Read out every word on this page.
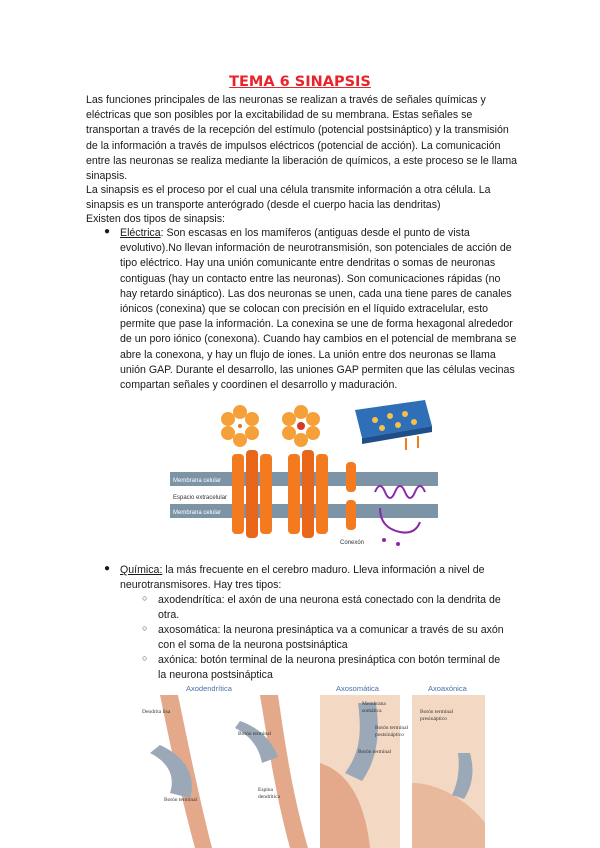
TEMA 6 SINAPSIS
Las funciones principales de las neuronas se realizan a través de señales químicas y eléctricas que son posibles por la excitabilidad de su membrana. Estas señales se transportan a través de la recepción del estímulo (potencial postsináptico) y la transmisión de la información a través de impulsos eléctricos (potencial de acción). La comunicación entre las neuronas se realiza mediante la liberación de químicos, a este proceso se le llama sinapsis.
La sinapsis es el proceso por el cual una célula transmite información a otra célula. La sinapsis es un transporte anterógrado (desde el cuerpo hacia las dendritas)
Existen dos tipos de sinapsis:
● Eléctrica: Son escasas en los mamíferos (antiguas desde el punto de vista evolutivo).No llevan información de neurotransmisión, son potenciales de acción de tipo eléctrico. Hay una unión comunicante entre dendritas o somas de neuronas contiguas (hay un contacto entre las neuronas). Son comunicaciones rápidas (no hay retardo sináptico). Las dos neuronas se unen, cada una tiene pares de canales iónicos (conexina) que se colocan con precisión en el líquido extracelular, esto permite que pase la información. La conexina se une de forma hexagonal alrededor de un poro iónico (conexona). Cuando hay cambios en el potencial de membrana se abre la conexona, y hay un flujo de iones. La unión entre dos neuronas se llama unión GAP. Durante el desarrollo, las uniones GAP permiten que las células vecinas compartan señales y coordinen el desarrollo y maduración.
Membrana celular
Espacio extracelular
Membrana celular
Conexón
● Química: la más frecuente en el cerebro maduro. Lleva información a nivel de neurotransmisores. Hay tres tipos:
○ axodendrítica: el axón de una neurona está conectado con la dendrita de otra.
○ axosomática: la neurona presináptica va a comunicar a través de su axón con el soma de la neurona postsináptica
○ axónica: botón terminal de la neurona presináptica con botón terminal de la neurona postsináptica
Axodendrítica
Dendrita lisa
Botón terminal
Botón terminal
Espina
dendrítica
Axosomática
Membrana
somática
Botón terminal
postsináptico
Botón terminal
Axoaxónica
Botón terminal
presináptico
